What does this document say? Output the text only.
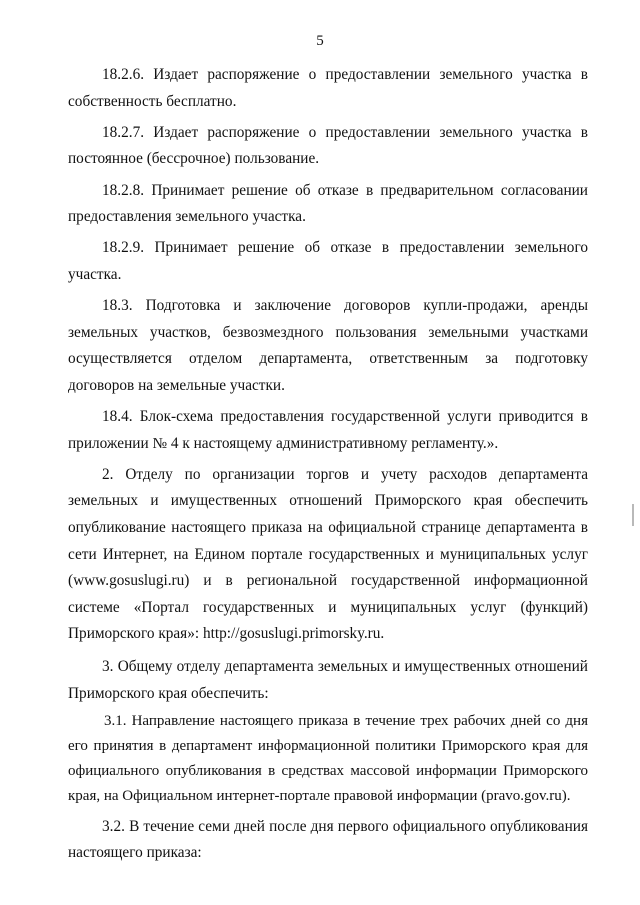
5

18.2.6. Издает распоряжение о предоставлении земельного участка в собственность бесплатно.

18.2.7. Издает распоряжение о предоставлении земельного участка в постоянное (бессрочное) пользование.

18.2.8. Принимает решение об отказе в предварительном согласовании предоставления земельного участка.

18.2.9. Принимает решение об отказе в предоставлении земельного участка.

18.3. Подготовка и заключение договоров купли-продажи, аренды земельных участков, безвозмездного пользования земельными участками осуществляется отделом департамента, ответственным за подготовку договоров на земельные участки.

18.4. Блок-схема предоставления государственной услуги приводится в приложении № 4 к настоящему административному регламенту.».

2. Отделу по организации торгов и учету расходов департамента земельных и имущественных отношений Приморского края обеспечить опубликование настоящего приказа на официальной странице департамента в сети Интернет, на Едином портале государственных и муниципальных услуг (www.gosuslugi.ru) и в региональной государственной информационной системе «Портал государственных и муниципальных услуг (функций) Приморского края»: http://gosuslugi.primorsky.ru.

3. Общему отделу департамента земельных и имущественных отношений Приморского края обеспечить:

3.1. Направление настоящего приказа в течение трех рабочих дней со дня его принятия в департамент информационной политики Приморского края для официального опубликования в средствах массовой информации Приморского края, на Официальном интернет-портале правовой информации (pravo.gov.ru).

3.2. В течение семи дней после дня первого официального опубликования настоящего приказа:
